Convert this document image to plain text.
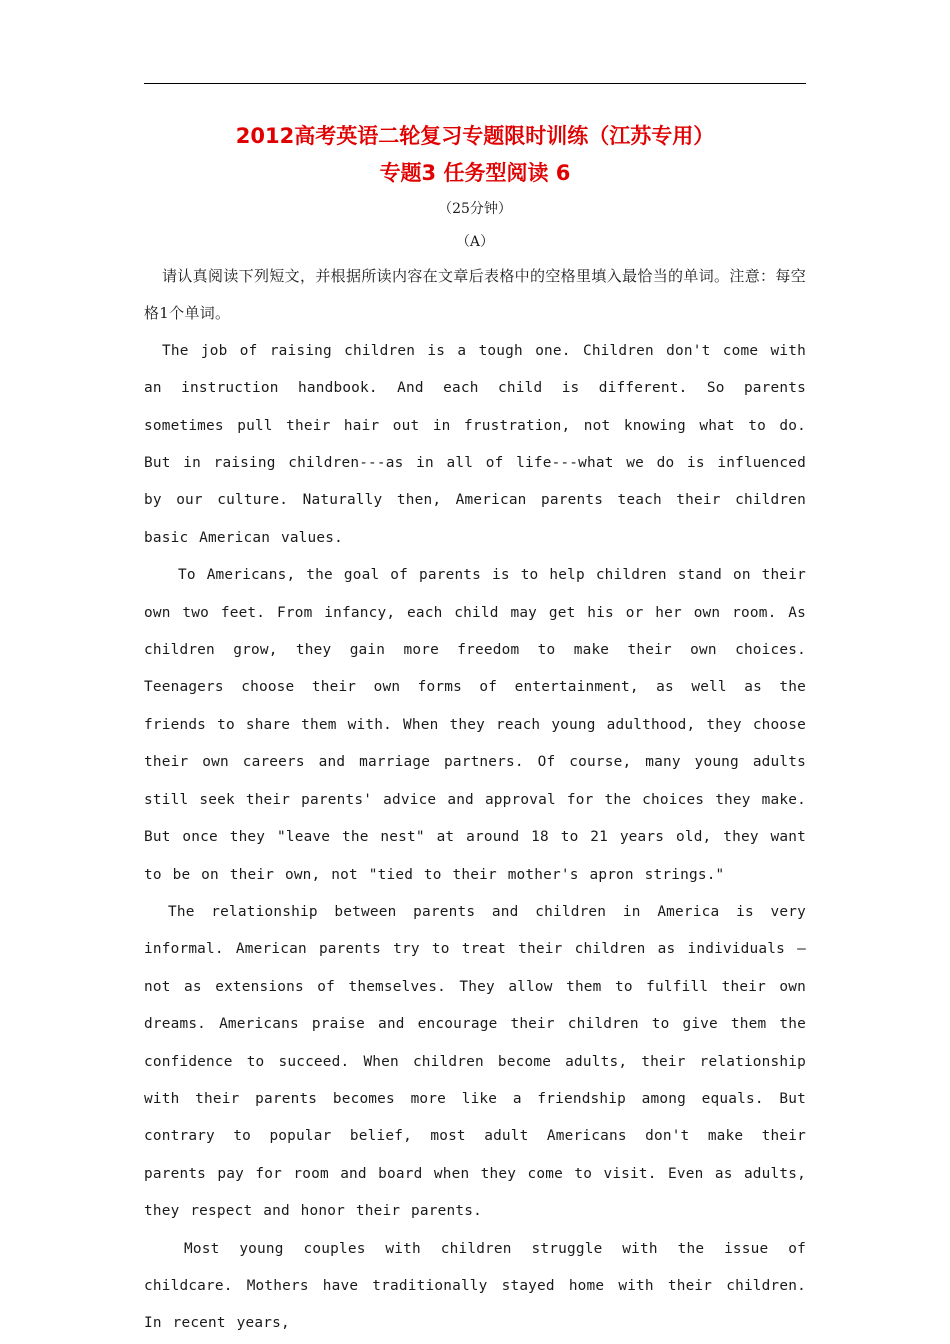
2012高考英语二轮复习专题限时训练（江苏专用）
专题3 任务型阅读 6
（25分钟）
（A）

请认真阅读下列短文，并根据所读内容在文章后表格中的空格里填入最恰当的单词。注意：每空格1个单词。

The job of raising children is a tough one. Children don't come with an instruction handbook. And each child is different. So parents sometimes pull their hair out in frustration, not knowing what to do. But in raising children---as in all of life---what we do is influenced by our culture. Naturally then, American parents teach their children basic American values.

To Americans, the goal of parents is to help children stand on their own two feet. From infancy, each child may get his or her own room. As children grow, they gain more freedom to make their own choices. Teenagers choose their own forms of entertainment, as well as the friends to share them with. When they reach young adulthood, they choose their own careers and marriage partners. Of course, many young adults still seek their parents' advice and approval for the choices they make. But once they "leave the nest" at around 18 to 21 years old, they want to be on their own, not "tied to their mother's apron strings."

The relationship between parents and children in America is very informal. American parents try to treat their children as individuals — not as extensions of themselves. They allow them to fulfill their own dreams. Americans praise and encourage their children to give them the confidence to succeed. When children become adults, their relationship with their parents becomes more like a friendship among equals. But contrary to popular belief, most adult Americans don't make their parents pay for room and board when they come to visit. Even as adults, they respect and honor their parents.

Most young couples with children struggle with the issue of childcare. Mothers have traditionally stayed home with their children. In recent years,
